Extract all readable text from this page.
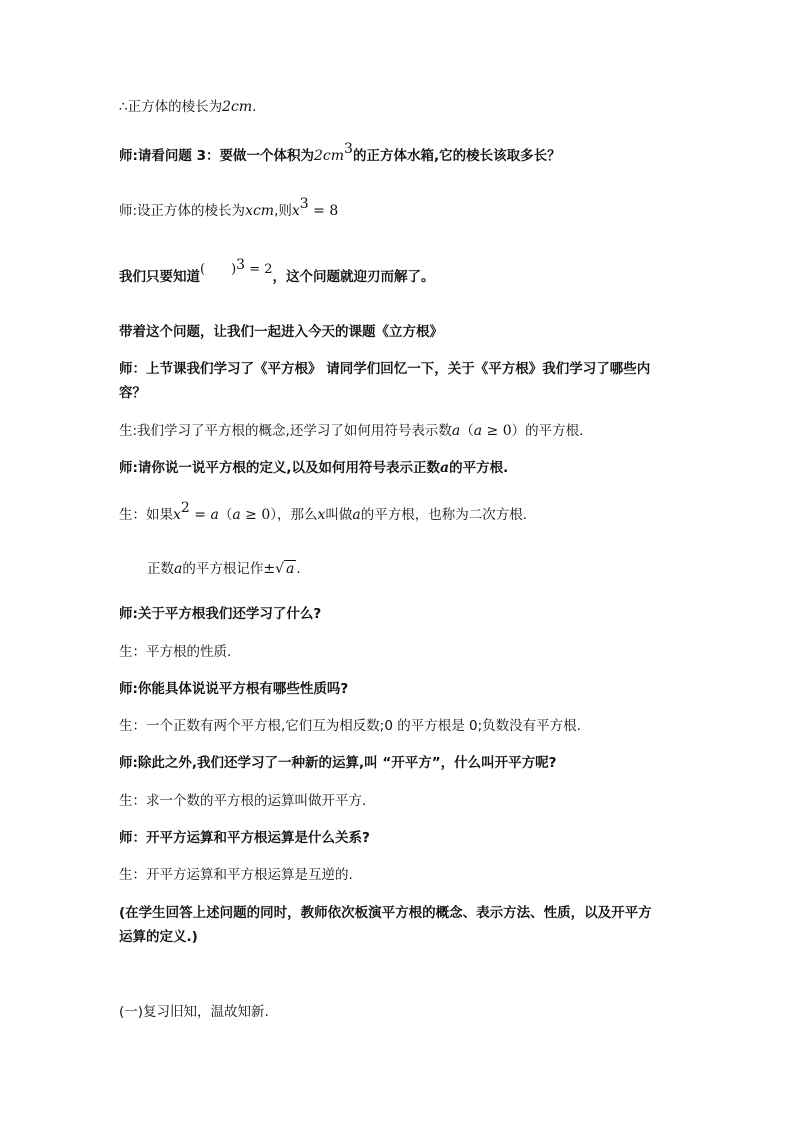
∴正方体的棱长为2cm.
师:请看问题 3：要做一个体积为$2cm^3$的正方体水箱,它的棱长该取多长？
师:设正方体的棱长为xcm,则$x^3 = 8$
我们只要知道( )$^3$ = 2，这个问题就迎刃而解了。
带着这个问题，让我们一起进入今天的课题《立方根》
师：上节课我们学习了《平方根》 请同学们回忆一下，关于《平方根》我们学习了哪些内
容？
生:我们学习了平方根的概念,还学习了如何用符号表示数a（a ≥ 0）的平方根.
师:请你说一说平方根的定义,以及如何用符号表示正数a的平方根.
生：如果$x^2 = a(a \ge 0)$，那么x叫做a的平方根，也称为二次方根.
正数a的平方根记作±√ a .
师:关于平方根我们还学习了什么?
生：平方根的性质.
师:你能具体说说平方根有哪些性质吗?
生：一个正数有两个平方根,它们互为相反数;0 的平方根是 0;负数没有平方根.
师:除此之外,我们还学习了一种新的运算,叫 “开平方”，什么叫开平方呢?
生：求一个数的平方根的运算叫做开平方.
师：开平方运算和平方根运算是什么关系?
生：开平方运算和平方根运算是互逆的.
(在学生回答上述问题的同时，教师依次板演平方根的概念、表示方法、性质，以及开平方
运算的定义.)
(一)复习旧知，温故知新.
